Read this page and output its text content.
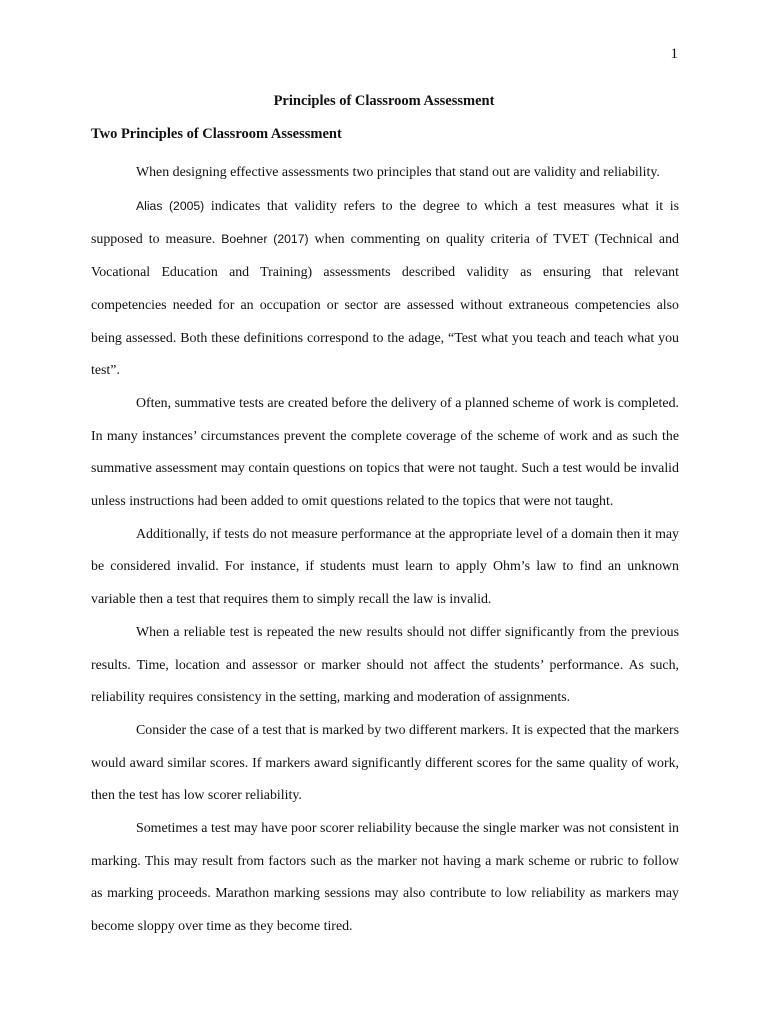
1
Principles of Classroom Assessment
Two Principles of Classroom Assessment

When designing effective assessments two principles that stand out are validity and reliability.

Alias (2005) indicates that validity refers to the degree to which a test measures what it is supposed to measure. Boehner (2017) when commenting on quality criteria of TVET (Technical and Vocational Education and Training) assessments described validity as ensuring that relevant competencies needed for an occupation or sector are assessed without extraneous competencies also being assessed. Both these definitions correspond to the adage, “Test what you teach and teach what you test”.

Often, summative tests are created before the delivery of a planned scheme of work is completed. In many instances’ circumstances prevent the complete coverage of the scheme of work and as such the summative assessment may contain questions on topics that were not taught. Such a test would be invalid unless instructions had been added to omit questions related to the topics that were not taught.

Additionally, if tests do not measure performance at the appropriate level of a domain then it may be considered invalid. For instance, if students must learn to apply Ohm’s law to find an unknown variable then a test that requires them to simply recall the law is invalid.

When a reliable test is repeated the new results should not differ significantly from the previous results. Time, location and assessor or marker should not affect the students’ performance. As such, reliability requires consistency in the setting, marking and moderation of assignments.

Consider the case of a test that is marked by two different markers. It is expected that the markers would award similar scores. If markers award significantly different scores for the same quality of work, then the test has low scorer reliability.

Sometimes a test may have poor scorer reliability because the single marker was not consistent in marking. This may result from factors such as the marker not having a mark scheme or rubric to follow as marking proceeds. Marathon marking sessions may also contribute to low reliability as markers may become sloppy over time as they become tired.
